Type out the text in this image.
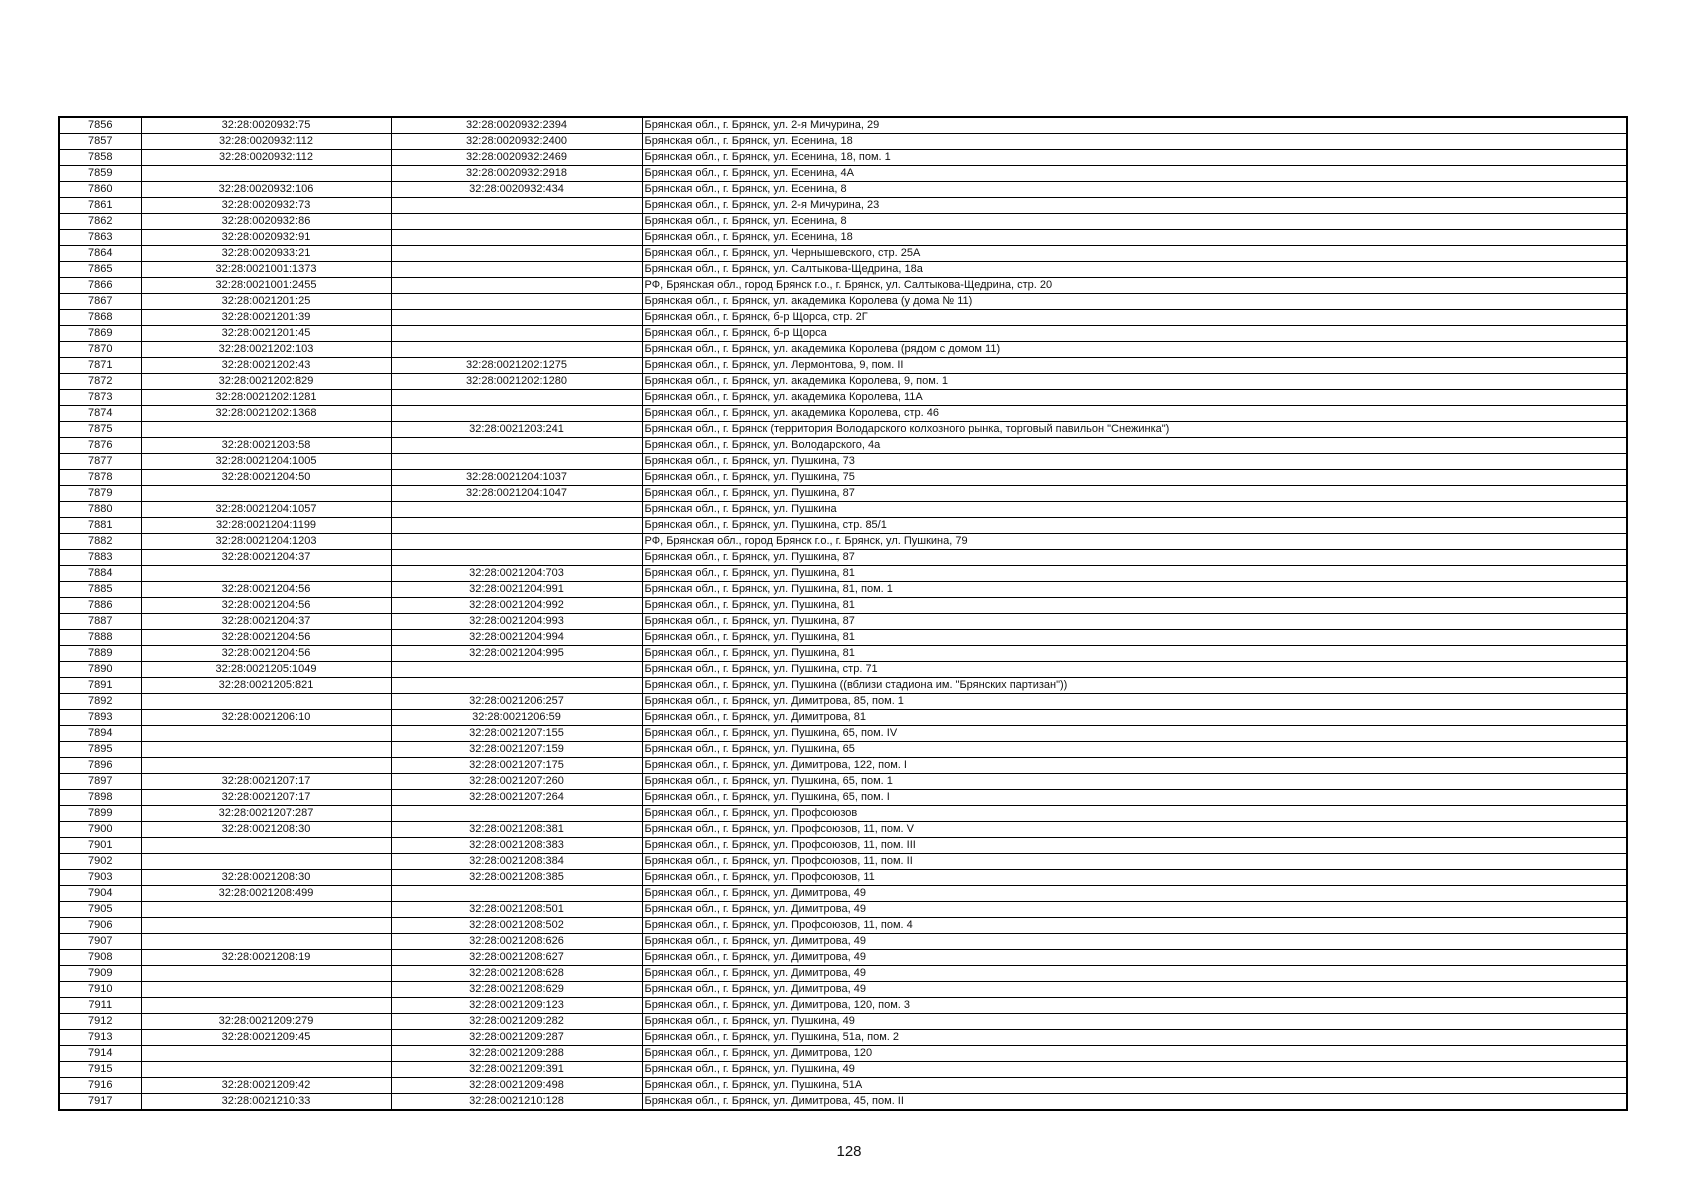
7856	32:28:0020932:75	32:28:0020932:2394	Брянская обл., г. Брянск, ул. 2-я Мичурина, 29
7857	32:28:0020932:112	32:28:0020932:2400	Брянская обл., г. Брянск, ул. Есенина, 18
7858	32:28:0020932:112	32:28:0020932:2469	Брянская обл., г. Брянск, ул. Есенина, 18, пом. 1
7859		32:28:0020932:2918	Брянская обл., г. Брянск, ул. Есенина, 4А
7860	32:28:0020932:106	32:28:0020932:434	Брянская обл., г. Брянск, ул. Есенина, 8
7861	32:28:0020932:73		Брянская обл., г. Брянск, ул. 2-я Мичурина, 23
7862	32:28:0020932:86		Брянская обл., г. Брянск, ул. Есенина, 8
7863	32:28:0020932:91		Брянская обл., г. Брянск, ул. Есенина, 18
7864	32:28:0020933:21		Брянская обл., г. Брянск, ул. Чернышевского, стр. 25А
7865	32:28:0021001:1373		Брянская обл., г. Брянск, ул. Салтыкова-Щедрина, 18а
7866	32:28:0021001:2455		РФ, Брянская обл., город Брянск г.о., г. Брянск, ул. Салтыкова-Щедрина, стр. 20
7867	32:28:0021201:25		Брянская обл., г. Брянск, ул. академика Королева (у дома № 11)
7868	32:28:0021201:39		Брянская обл., г. Брянск, б-р Щорса, стр. 2Г
7869	32:28:0021201:45		Брянская обл., г. Брянск, б-р Щорса
7870	32:28:0021202:103		Брянская обл., г. Брянск, ул. академика Королева (рядом с домом 11)
7871	32:28:0021202:43	32:28:0021202:1275	Брянская обл., г. Брянск, ул. Лермонтова, 9, пом. II
7872	32:28:0021202:829	32:28:0021202:1280	Брянская обл., г. Брянск, ул. академика Королева, 9, пом. 1
7873	32:28:0021202:1281		Брянская обл., г. Брянск, ул. академика Королева, 11А
7874	32:28:0021202:1368		Брянская обл., г. Брянск, ул. академика Королева, стр. 46
7875		32:28:0021203:241	Брянская обл., г. Брянск (территория Володарского колхозного рынка, торговый павильон "Снежинка")
7876	32:28:0021203:58		Брянская обл., г. Брянск, ул. Володарского, 4а
7877	32:28:0021204:1005		Брянская обл., г. Брянск, ул. Пушкина, 73
7878	32:28:0021204:50	32:28:0021204:1037	Брянская обл., г. Брянск, ул. Пушкина, 75
7879		32:28:0021204:1047	Брянская обл., г. Брянск, ул. Пушкина, 87
7880	32:28:0021204:1057		Брянская обл., г. Брянск, ул. Пушкина
7881	32:28:0021204:1199		Брянская обл., г. Брянск, ул. Пушкина, стр. 85/1
7882	32:28:0021204:1203		РФ, Брянская обл., город Брянск г.о., г. Брянск, ул. Пушкина, 79
7883	32:28:0021204:37		Брянская обл., г. Брянск, ул. Пушкина, 87
7884		32:28:0021204:703	Брянская обл., г. Брянск, ул. Пушкина, 81
7885	32:28:0021204:56	32:28:0021204:991	Брянская обл., г. Брянск, ул. Пушкина, 81, пом. 1
7886	32:28:0021204:56	32:28:0021204:992	Брянская обл., г. Брянск, ул. Пушкина, 81
7887	32:28:0021204:37	32:28:0021204:993	Брянская обл., г. Брянск, ул. Пушкина, 87
7888	32:28:0021204:56	32:28:0021204:994	Брянская обл., г. Брянск, ул. Пушкина, 81
7889	32:28:0021204:56	32:28:0021204:995	Брянская обл., г. Брянск, ул. Пушкина, 81
7890	32:28:0021205:1049		Брянская обл., г. Брянск, ул. Пушкина, стр. 71
7891	32:28:0021205:821		Брянская обл., г. Брянск, ул. Пушкина ((вблизи стадиона им. "Брянских партизан"))
7892		32:28:0021206:257	Брянская обл., г. Брянск, ул. Димитрова, 85, пом. 1
7893	32:28:0021206:10	32:28:0021206:59	Брянская обл., г. Брянск, ул. Димитрова, 81
7894		32:28:0021207:155	Брянская обл., г. Брянск, ул. Пушкина, 65, пом. IV
7895		32:28:0021207:159	Брянская обл., г. Брянск, ул. Пушкина, 65
7896		32:28:0021207:175	Брянская обл., г. Брянск, ул. Димитрова, 122, пом. I
7897	32:28:0021207:17	32:28:0021207:260	Брянская обл., г. Брянск, ул. Пушкина, 65, пом. 1
7898	32:28:0021207:17	32:28:0021207:264	Брянская обл., г. Брянск, ул. Пушкина, 65, пом. I
7899	32:28:0021207:287		Брянская обл., г. Брянск, ул. Профсоюзов
7900	32:28:0021208:30	32:28:0021208:381	Брянская обл., г. Брянск, ул. Профсоюзов, 11, пом. V
7901		32:28:0021208:383	Брянская обл., г. Брянск, ул. Профсоюзов, 11, пом. III
7902		32:28:0021208:384	Брянская обл., г. Брянск, ул. Профсоюзов, 11, пом. II
7903	32:28:0021208:30	32:28:0021208:385	Брянская обл., г. Брянск, ул. Профсоюзов, 11
7904	32:28:0021208:499		Брянская обл., г. Брянск, ул. Димитрова, 49
7905		32:28:0021208:501	Брянская обл., г. Брянск, ул. Димитрова, 49
7906		32:28:0021208:502	Брянская обл., г. Брянск, ул. Профсоюзов, 11, пом. 4
7907		32:28:0021208:626	Брянская обл., г. Брянск, ул. Димитрова, 49
7908	32:28:0021208:19	32:28:0021208:627	Брянская обл., г. Брянск, ул. Димитрова, 49
7909		32:28:0021208:628	Брянская обл., г. Брянск, ул. Димитрова, 49
7910		32:28:0021208:629	Брянская обл., г. Брянск, ул. Димитрова, 49
7911		32:28:0021209:123	Брянская обл., г. Брянск, ул. Димитрова, 120, пом. 3
7912	32:28:0021209:279	32:28:0021209:282	Брянская обл., г. Брянск, ул. Пушкина, 49
7913	32:28:0021209:45	32:28:0021209:287	Брянская обл., г. Брянск, ул. Пушкина, 51а, пом. 2
7914		32:28:0021209:288	Брянская обл., г. Брянск, ул. Димитрова, 120
7915		32:28:0021209:391	Брянская обл., г. Брянск, ул. Пушкина, 49
7916	32:28:0021209:42	32:28:0021209:498	Брянская обл., г. Брянск, ул. Пушкина, 51А
7917	32:28:0021210:33	32:28:0021210:128	Брянская обл., г. Брянск, ул. Димитрова, 45, пом. II
128
